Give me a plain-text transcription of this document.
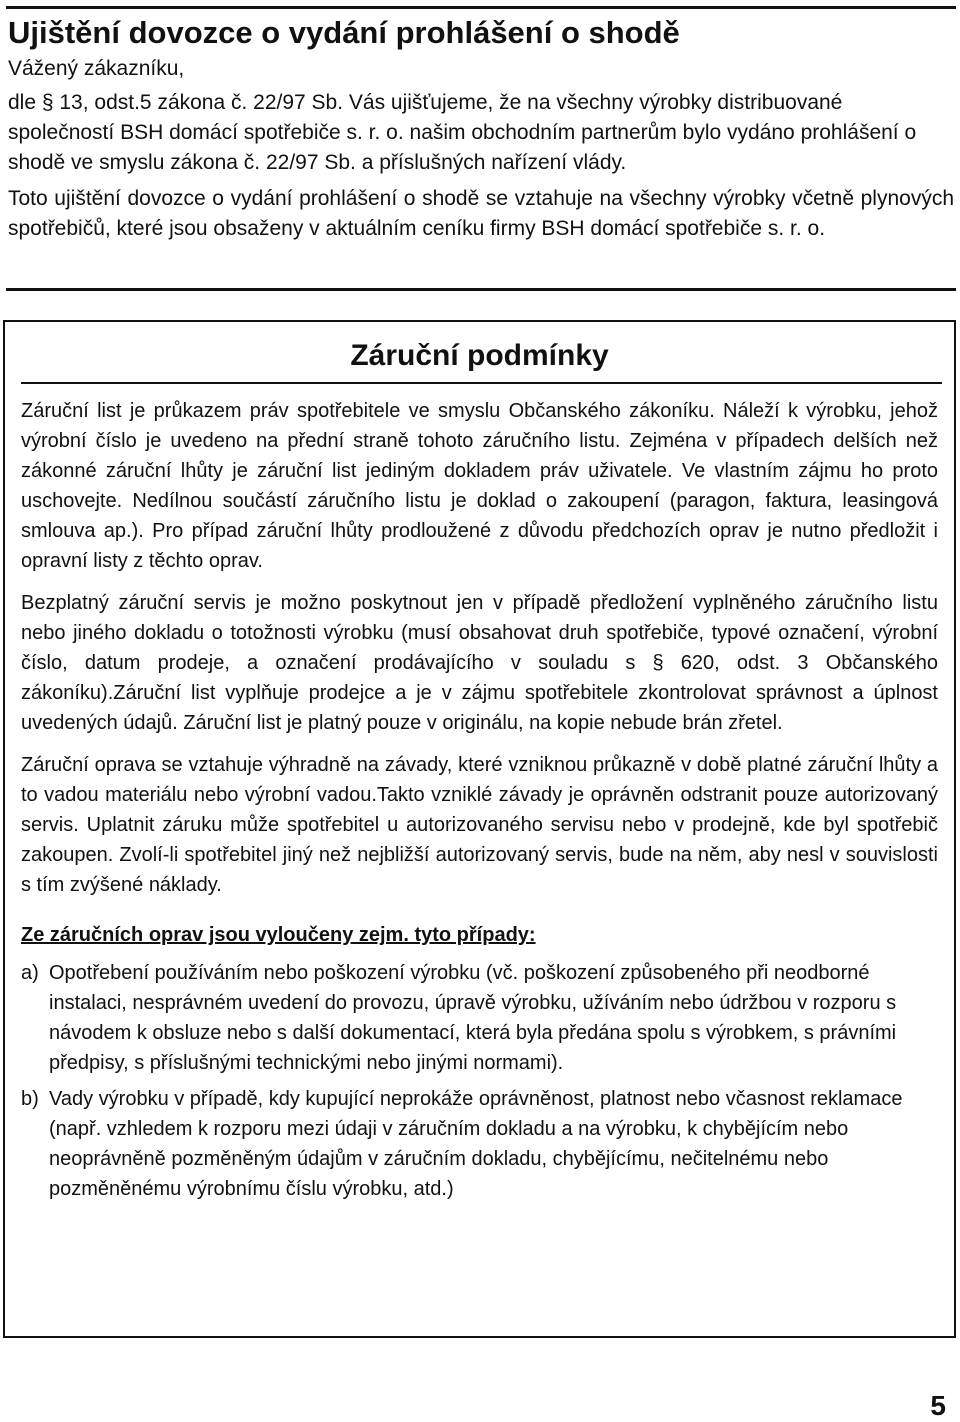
Ujištění dovozce o vydání prohlášení o shodě

Vážený zákazníku,

dle § 13, odst.5 zákona č. 22/97 Sb. Vás ujišťujeme, že na všechny výrobky distribuované společností BSH domácí spotřebiče s. r. o. našim obchodním partnerům bylo vydáno prohlášení o shodě ve smyslu zákona č. 22/97 Sb. a příslušných nařízení vlády.

Toto ujištění dovozce o vydání prohlášení o shodě se vztahuje na všechny výrobky včetně plynových spotřebičů, které jsou obsaženy v aktuálním ceníku firmy BSH domácí spotřebiče s. r. o.

Záruční podmínky

Záruční list je průkazem práv spotřebitele ve smyslu Občanského zákoníku. Náleží k výrobku, jehož výrobní číslo je uvedeno na přední straně tohoto záručního listu. Zejména v případech delších než zákonné záruční lhůty je záruční list jediným dokladem práv uživatele. Ve vlastním zájmu ho proto uschovejte. Nedílnou součástí záručního listu je doklad o zakoupení (paragon, faktura, leasingová smlouva ap.). Pro případ záruční lhůty prodloužené z důvodu předchozích oprav je nutno předložit i opravní listy z těchto oprav.

Bezplatný záruční servis je možno poskytnout jen v případě předložení vyplněného záručního listu nebo jiného dokladu o totožnosti výrobku (musí obsahovat druh spotřebiče, typové označení, výrobní číslo, datum prodeje, a označení prodávajícího v souladu s § 620, odst. 3 Občanského zákoníku).Záruční list vyplňuje prodejce a je v zájmu spotřebitele zkontrolovat správnost a úplnost uvedených údajů. Záruční list je platný pouze v originálu, na kopie nebude brán zřetel.

Záruční oprava se vztahuje výhradně na závady, které vzniknou průkazně v době platné záruční lhůty a to vadou materiálu nebo výrobní vadou.Takto vzniklé závady je oprávněn odstranit pouze autorizovaný servis. Uplatnit záruku může spotřebitel u autorizovaného servisu nebo v prodejně, kde byl spotřebič zakoupen. Zvolí-li spotřebitel jiný než nejbližší autorizovaný servis, bude na něm, aby nesl v souvislosti s tím zvýšené náklady.

Ze záručních oprav jsou vyloučeny zejm. tyto případy:

a) Opotřebení používáním nebo poškození výrobku (vč. poškození způsobeného při neodborné instalaci, nesprávném uvedení do provozu, úpravě výrobku, užíváním nebo údržbou v rozporu s návodem k obsluze nebo s další dokumentací, která byla předána spolu s výrobkem, s právními předpisy, s příslušnými technickými nebo jinými normami).
b) Vady výrobku v případě, kdy kupující neprokáže oprávněnost, platnost nebo včasnost reklamace (např. vzhledem k rozporu mezi údaji v záručním dokladu a na výrobku, k chybějícím nebo neoprávněně pozměněným údajům v záručním dokladu, chybějícímu, nečitelnému nebo pozměněnému výrobnímu číslu výrobku, atd.)
5
